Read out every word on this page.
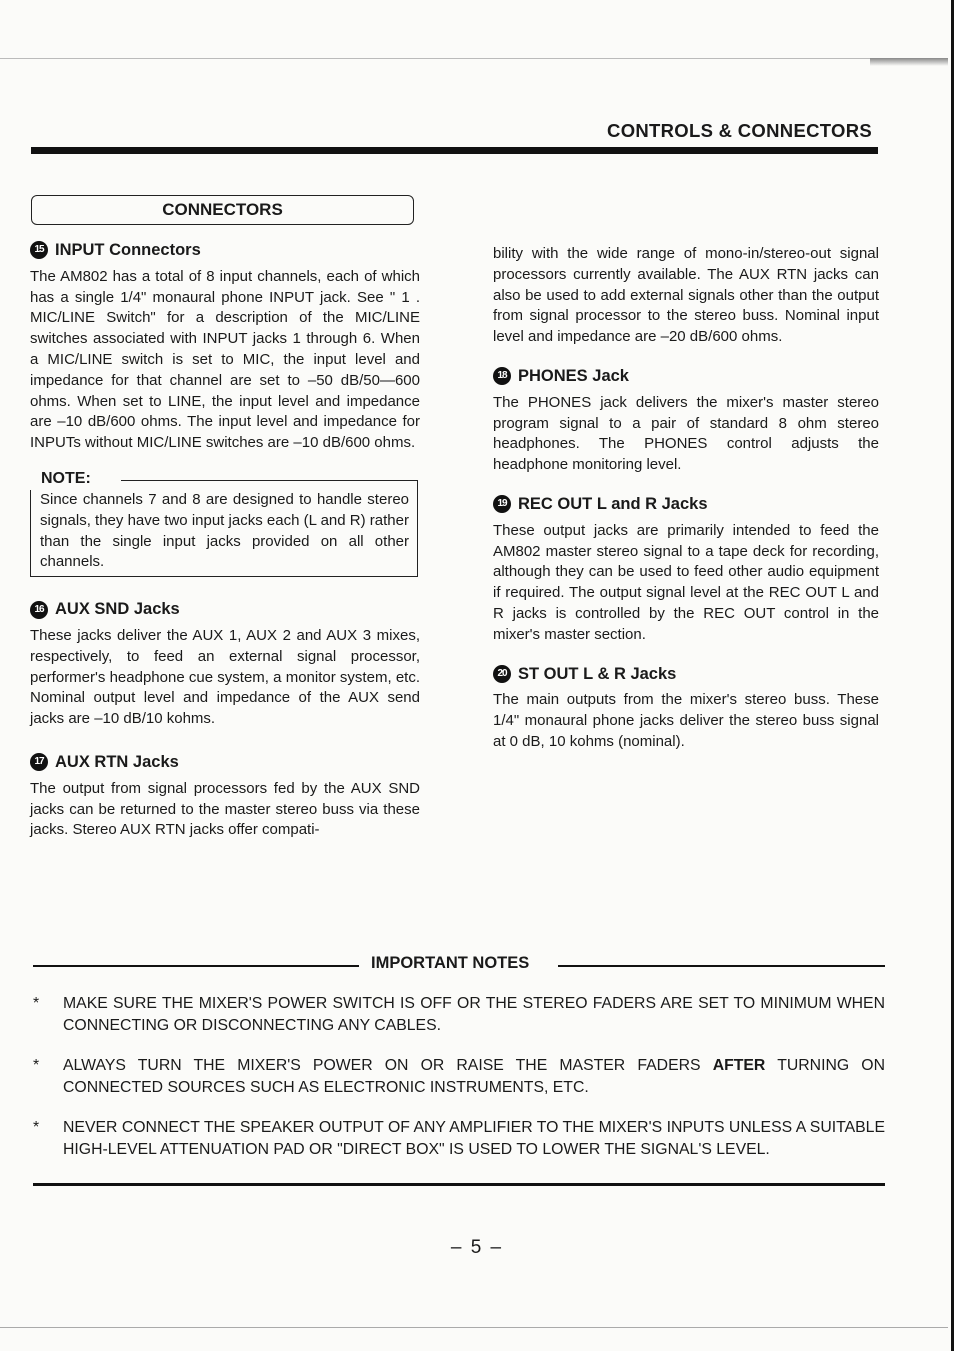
CONTROLS & CONNECTORS
CONNECTORS
15 INPUT Connectors

The AM802 has a total of 8 input channels, each of which has a single 1/4" monaural phone INPUT jack. See " 1 . MIC/LINE Switch" for a description of the MIC/LINE switches associated with INPUT jacks 1 through 6. When a MIC/LINE switch is set to MIC, the input level and impedance for that channel are set to –50 dB/50—600 ohms. When set to LINE, the input level and impedance are –10 dB/600 ohms. The input level and impedance for INPUTs without MIC/LINE switches are –10 dB/600 ohms.

NOTE:

Since channels 7 and 8 are designed to handle stereo signals, they have two input jacks each (L and R) rather than the single input jacks provided on all other channels.

16 AUX SND Jacks

These jacks deliver the AUX 1, AUX 2 and AUX 3 mixes, respectively, to feed an external signal processor, performer's headphone cue system, a monitor system, etc. Nominal output level and impedance of the AUX send jacks are –10 dB/10 kohms.

17 AUX RTN Jacks

The output from signal processors fed by the AUX SND jacks can be returned to the master stereo buss via these jacks. Stereo AUX RTN jacks offer compati-

bility with the wide range of mono-in/stereo-out signal processors currently available. The AUX RTN jacks can also be used to add external signals other than the output from signal processor to the stereo buss. Nominal input level and impedance are –20 dB/600 ohms.

18 PHONES Jack

The PHONES jack delivers the mixer's master stereo program signal to a pair of standard 8 ohm stereo headphones. The PHONES control adjusts the headphone monitoring level.

19 REC OUT L and R Jacks

These output jacks are primarily intended to feed the AM802 master stereo signal to a tape deck for recording, although they can be used to feed other audio equipment if required. The output signal level at the REC OUT L and R jacks is controlled by the REC OUT control in the mixer's master section.

20 ST OUT L & R Jacks

The main outputs from the mixer's stereo buss. These 1/4" monaural phone jacks deliver the stereo buss signal at 0 dB, 10 kohms (nominal).

IMPORTANT NOTES
* MAKE SURE THE MIXER'S POWER SWITCH IS OFF OR THE STEREO FADERS ARE SET TO MINIMUM WHEN CONNECTING OR DISCONNECTING ANY CABLES.
* ALWAYS TURN THE MIXER'S POWER ON OR RAISE THE MASTER FADERS AFTER TURNING ON CONNECTED SOURCES SUCH AS ELECTRONIC INSTRUMENTS, ETC.
* NEVER CONNECT THE SPEAKER OUTPUT OF ANY AMPLIFIER TO THE MIXER'S INPUTS UNLESS A SUITABLE HIGH-LEVEL ATTENUATION PAD OR "DIRECT BOX" IS USED TO LOWER THE SIGNAL'S LEVEL.
– 5 –
